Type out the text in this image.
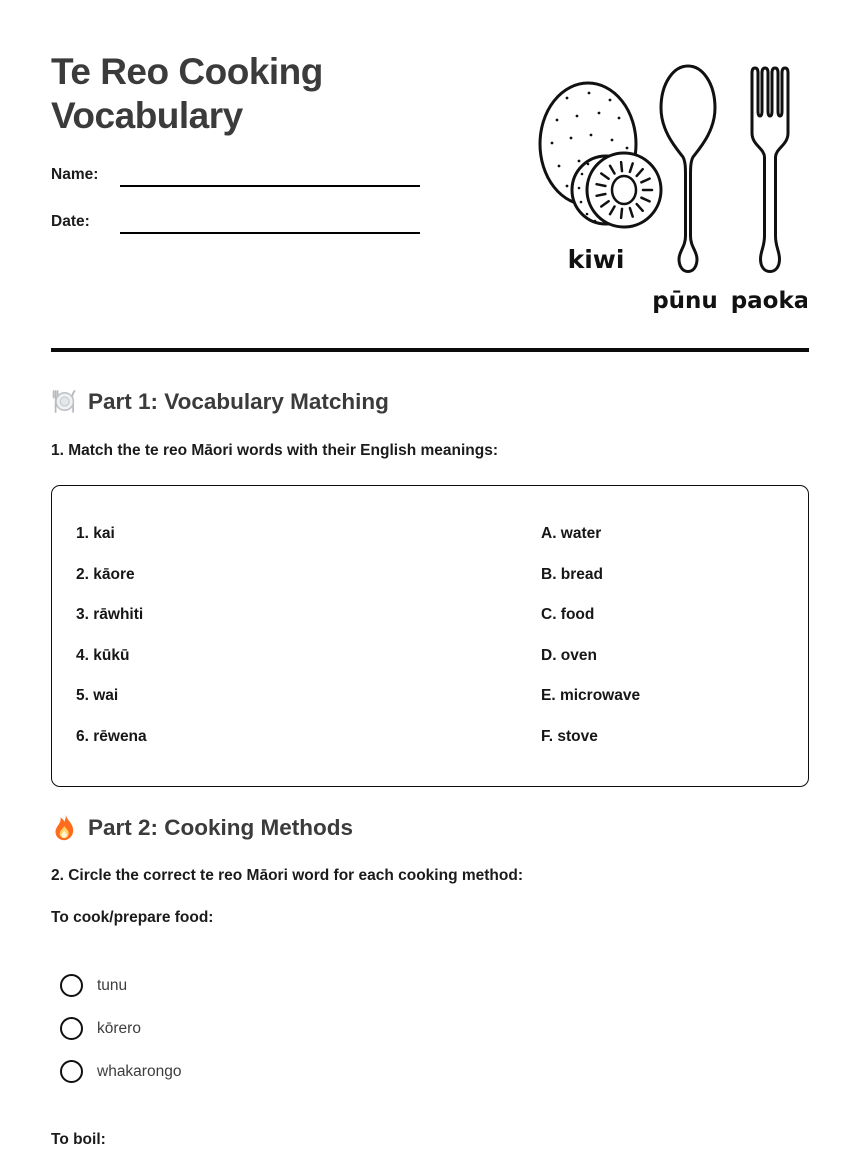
Te Reo Cooking Vocabulary
Name:
Date:
kiwi
pūnu paoka
Part 1: Vocabulary Matching

1. Match the te reo Māori words with their English meanings:

1. kai
2. kāore
3. rāwhiti
4. kūkū
5. wai
6. rēwena
A. water
B. bread
C. food
D. oven
E. microwave
F. stove
Part 2: Cooking Methods

2. Circle the correct te reo Māori word for each cooking method:

To cook/prepare food:

tunu
kōrero
whakarongo

To boil:
